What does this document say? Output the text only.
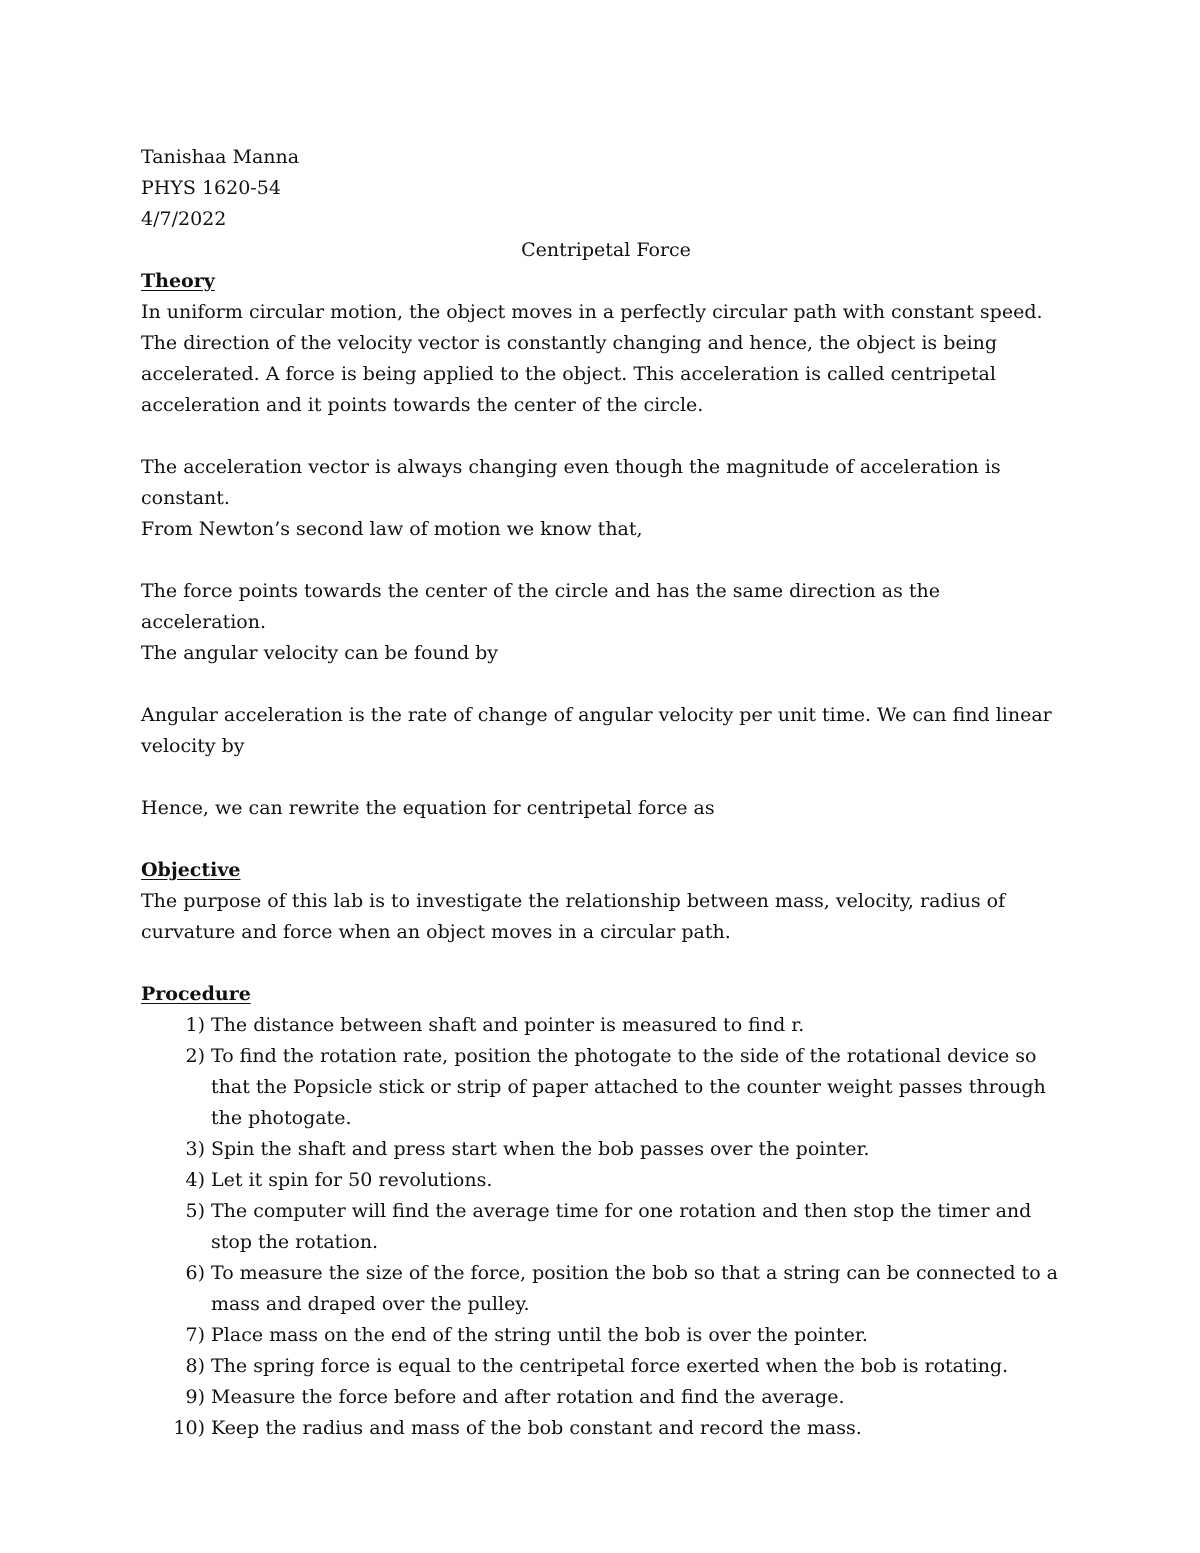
Tanishaa Manna
PHYS 1620-54
4/7/2022
Centripetal Force
Theory

In uniform circular motion, the object moves in a perfectly circular path with constant speed. The direction of the velocity vector is constantly changing and hence, the object is being accelerated. A force is being applied to the object. This acceleration is called centripetal acceleration and it points towards the center of the circle.

The acceleration vector is always changing even though the magnitude of acceleration is constant.

From Newton’s second law of motion we know that,

The force points towards the center of the circle and has the same direction as the acceleration.

The angular velocity can be found by

Angular acceleration is the rate of change of angular velocity per unit time. We can find linear velocity by

Hence, we can rewrite the equation for centripetal force as

Objective

The purpose of this lab is to investigate the relationship between mass, velocity, radius of curvature and force when an object moves in a circular path.

Procedure
1) The distance between shaft and pointer is measured to find r.
2) To find the rotation rate, position the photogate to the side of the rotational device so that the Popsicle stick or strip of paper attached to the counter weight passes through the photogate.
3) Spin the shaft and press start when the bob passes over the pointer.
4) Let it spin for 50 revolutions.
5) The computer will find the average time for one rotation and then stop the timer and stop the rotation.
6) To measure the size of the force, position the bob so that a string can be connected to a mass and draped over the pulley.
7) Place mass on the end of the string until the bob is over the pointer.
8) The spring force is equal to the centripetal force exerted when the bob is rotating.
9) Measure the force before and after rotation and find the average.
10) Keep the radius and mass of the bob constant and record the mass.
